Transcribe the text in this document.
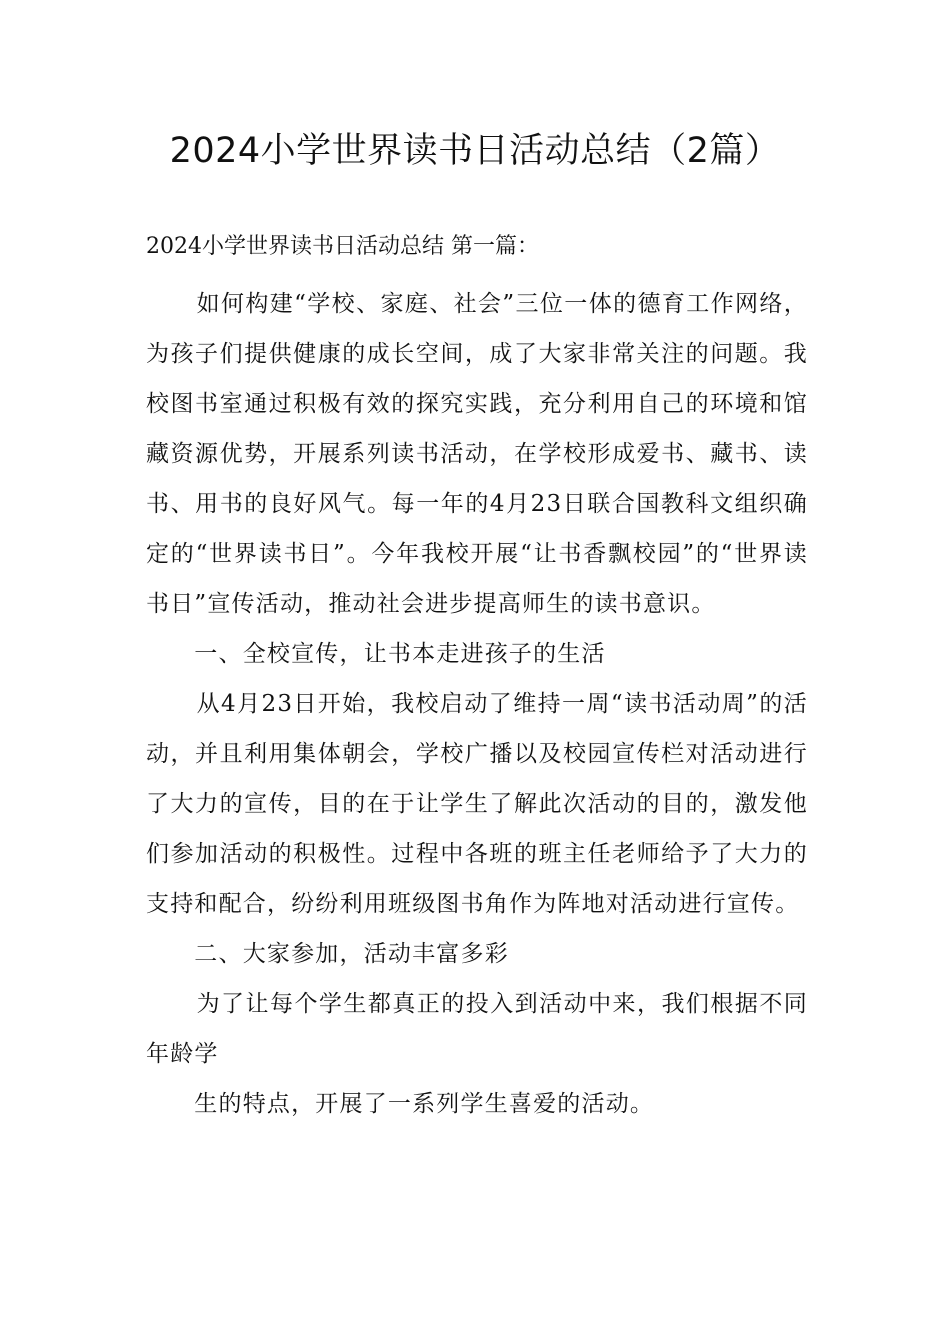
2024小学世界读书日活动总结（2篇）
2024小学世界读书日活动总结 第一篇：

如何构建“学校、家庭、社会”三位一体的德育工作网络，为孩子们提供健康的成长空间，成了大家非常关注的问题。我校图书室通过积极有效的探究实践，充分利用自己的环境和馆藏资源优势，开展系列读书活动，在学校形成爱书、藏书、读书、用书的良好风气。每一年的4月23日联合国教科文组织确定的“世界读书日”。今年我校开展“让书香飘校园”的“世界读书日”宣传活动，推动社会进步提高师生的读书意识。

一、全校宣传，让书本走进孩子的生活

从4月23日开始，我校启动了维持一周“读书活动周”的活动，并且利用集体朝会，学校广播以及校园宣传栏对活动进行了大力的宣传，目的在于让学生了解此次活动的目的，激发他们参加活动的积极性。过程中各班的班主任老师给予了大力的支持和配合，纷纷利用班级图书角作为阵地对活动进行宣传。

二、大家参加，活动丰富多彩

为了让每个学生都真正的投入到活动中来，我们根据不同年龄学

生的特点，开展了一系列学生喜爱的活动。
